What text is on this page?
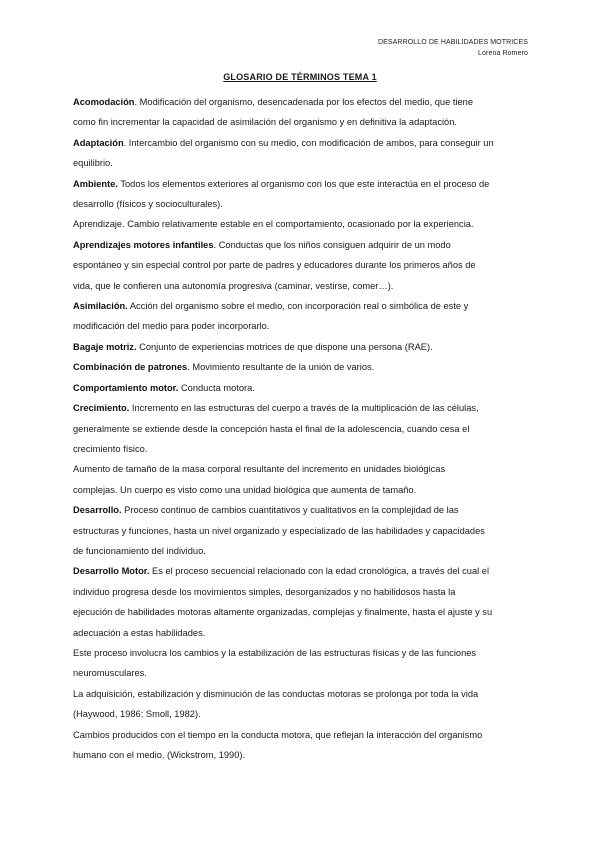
DESARROLLO DE HABILIDADES MOTRICES
Lorena Romero
GLOSARIO DE TÉRMINOS TEMA 1

Acomodación. Modificación del organismo, desencadenada por los efectos del medio, que tiene

como fin incrementar la capacidad de asimilación del organismo y en definitiva la adaptación.

Adaptación. Intercambio del organismo con su medio, con modificación de ambos, para conseguir un

equilibrio.

Ambiente. Todos los elementos exteriores al organismo con los que este interactúa en el proceso de

desarrollo (físicos y socioculturales).

Aprendizaje. Cambio relativamente estable en el comportamiento, ocasionado por la experiencia.

Aprendizajes motores infantiles. Conductas que los niños consiguen adquirir de un modo

espontáneo y sin especial control por parte de padres y educadores durante los primeros años de

vida, que le confieren una autonomía progresiva (caminar, vestirse, comer…).

Asimilación. Acción del organismo sobre el medio, con incorporación real o simbólica de este y

modificación del medio para poder incorporarlo.

Bagaje motriz. Conjunto de experiencias motrices de que dispone una persona (RAE).

Combinación de patrones. Movimiento resultante de la unión de varios.

Comportamiento motor. Conducta motora.

Crecimiento. Incremento en las estructuras del cuerpo a través de la multiplicación de las células,

generalmente se extiende desde la concepción hasta el final de la adolescencia, cuando cesa el

crecimiento físico.

Aumento de tamaño de la masa corporal resultante del incremento en unidades biológicas

complejas. Un cuerpo es visto como una unidad biológica que aumenta de tamaño.

Desarrollo. Proceso continuo de cambios cuantitativos y cualitativos en la complejidad de las

estructuras y funciones, hasta un nivel organizado y especializado de las habilidades y capacidades

de funcionamiento del individuo.

Desarrollo Motor. Es el proceso secuencial relacionado con la edad cronológica, a través del cual el

individuo progresa desde los movimientos simples, desorganizados y no habilidosos hasta la

ejecución de habilidades motoras altamente organizadas, complejas y finalmente, hasta el ajuste y su

adecuación a estas habilidades.

Este proceso involucra los cambios y la estabilización de las estructuras físicas y de las funciones

neuromusculares.

La adquisición, estabilización y disminución de las conductas motoras se prolonga por toda la vida

(Haywood, 1986; Smoll, 1982).

Cambios producidos con el tiempo en la conducta motora, que reflejan la interacción del organismo

humano con el medio. (Wickstrom, 1990).
